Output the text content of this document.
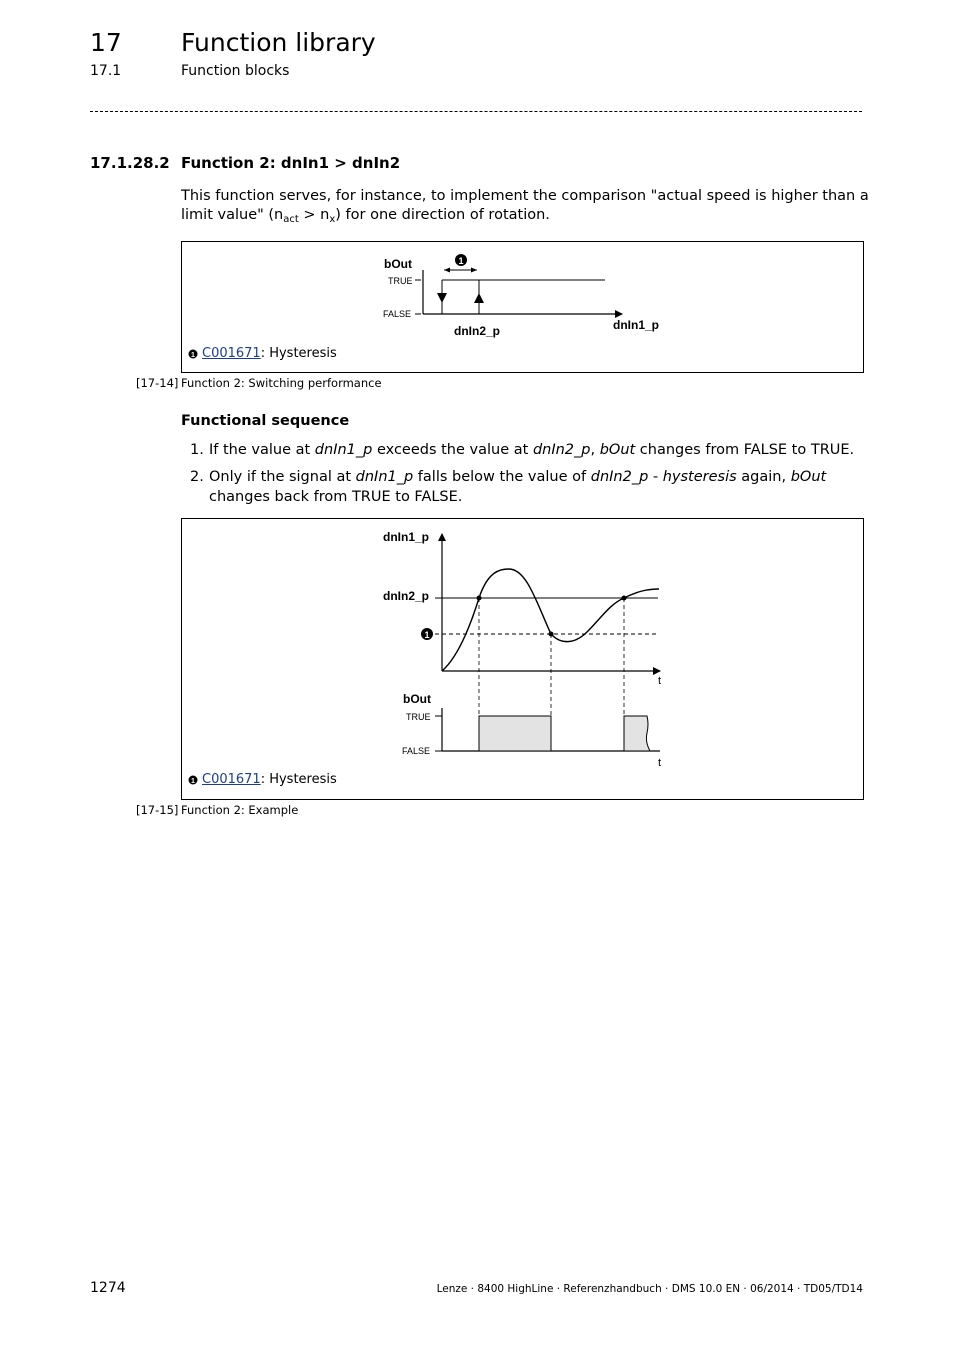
17 Function library
17.1	Function blocks
17.1.28.2 Function 2: dnIn1 > dnIn2
This function serves, for instance, to implement the comparison "actual speed is higher than a limit value" $(n_{act} > n_x)$ for one direction of rotation.
bOut
TRUE
FALSE
1
dnIn2_p	dnIn1_p
1 C001671: Hysteresis
[17-14] Function 2: Switching performance
Functional sequence
1. If the value at dnIn1_p exceeds the value at dnIn2_p, bOut changes from FALSE to TRUE.
2. Only if the signal at dnIn1_p falls below the value of dnIn2_p - hysteresis again, bOut changes back from TRUE to FALSE.
dnIn1_p
dnIn2_p
1
t
bOut
TRUE
FALSE
t
1 C001671: Hysteresis
[17-15] Function 2: Example
1274	Lenze · 8400 HighLine · Referenzhandbuch · DMS 10.0 EN · 06/2014 · TD05/TD14
